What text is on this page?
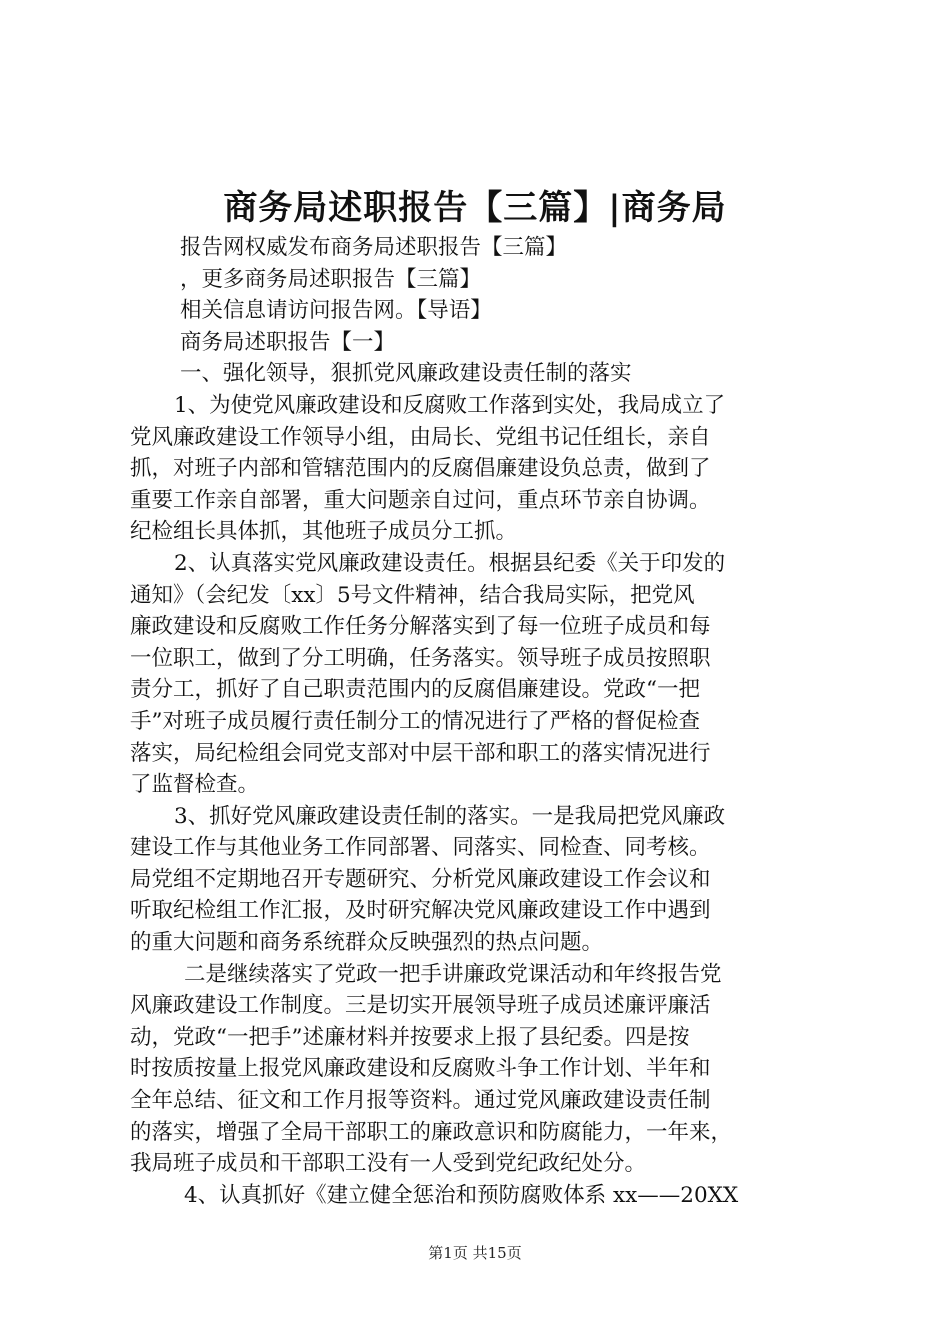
商务局述职报告【三篇】|商务局
报告网权威发布商务局述职报告【三篇】
，更多商务局述职报告【三篇】
相关信息请访问报告网。【导语】
商务局述职报告【一】
一、强化领导，狠抓党风廉政建设责任制的落实
1、为使党风廉政建设和反腐败工作落到实处，我局成立了
党风廉政建设工作领导小组，由局长、党组书记任组长，亲自
抓，对班子内部和管辖范围内的反腐倡廉建设负总责，做到了
重要工作亲自部署，重大问题亲自过问，重点环节亲自协调。
纪检组长具体抓，其他班子成员分工抓。
2、认真落实党风廉政建设责任。根据县纪委《关于印发的
通知》（会纪发〔xx〕5号文件精神，结合我局实际，把党风
廉政建设和反腐败工作任务分解落实到了每一位班子成员和每
一位职工，做到了分工明确，任务落实。领导班子成员按照职
责分工，抓好了自己职责范围内的反腐倡廉建设。党政“一把
手”对班子成员履行责任制分工的情况进行了严格的督促检查
落实，局纪检组会同党支部对中层干部和职工的落实情况进行
了监督检查。
3、抓好党风廉政建设责任制的落实。一是我局把党风廉政
建设工作与其他业务工作同部署、同落实、同检查、同考核。
局党组不定期地召开专题研究、分析党风廉政建设工作会议和
听取纪检组工作汇报，及时研究解决党风廉政建设工作中遇到
的重大问题和商务系统群众反映强烈的热点问题。
二是继续落实了党政一把手讲廉政党课活动和年终报告党
风廉政建设工作制度。三是切实开展领导班子成员述廉评廉活
动，党政“一把手”述廉材料并按要求上报了县纪委。四是按
时按质按量上报党风廉政建设和反腐败斗争工作计划、半年和
全年总结、征文和工作月报等资料。通过党风廉政建设责任制
的落实，增强了全局干部职工的廉政意识和防腐能力，一年来，
我局班子成员和干部职工没有一人受到党纪政纪处分。
4、认真抓好《建立健全惩治和预防腐败体系 xx——20XX
第1页 共15页
